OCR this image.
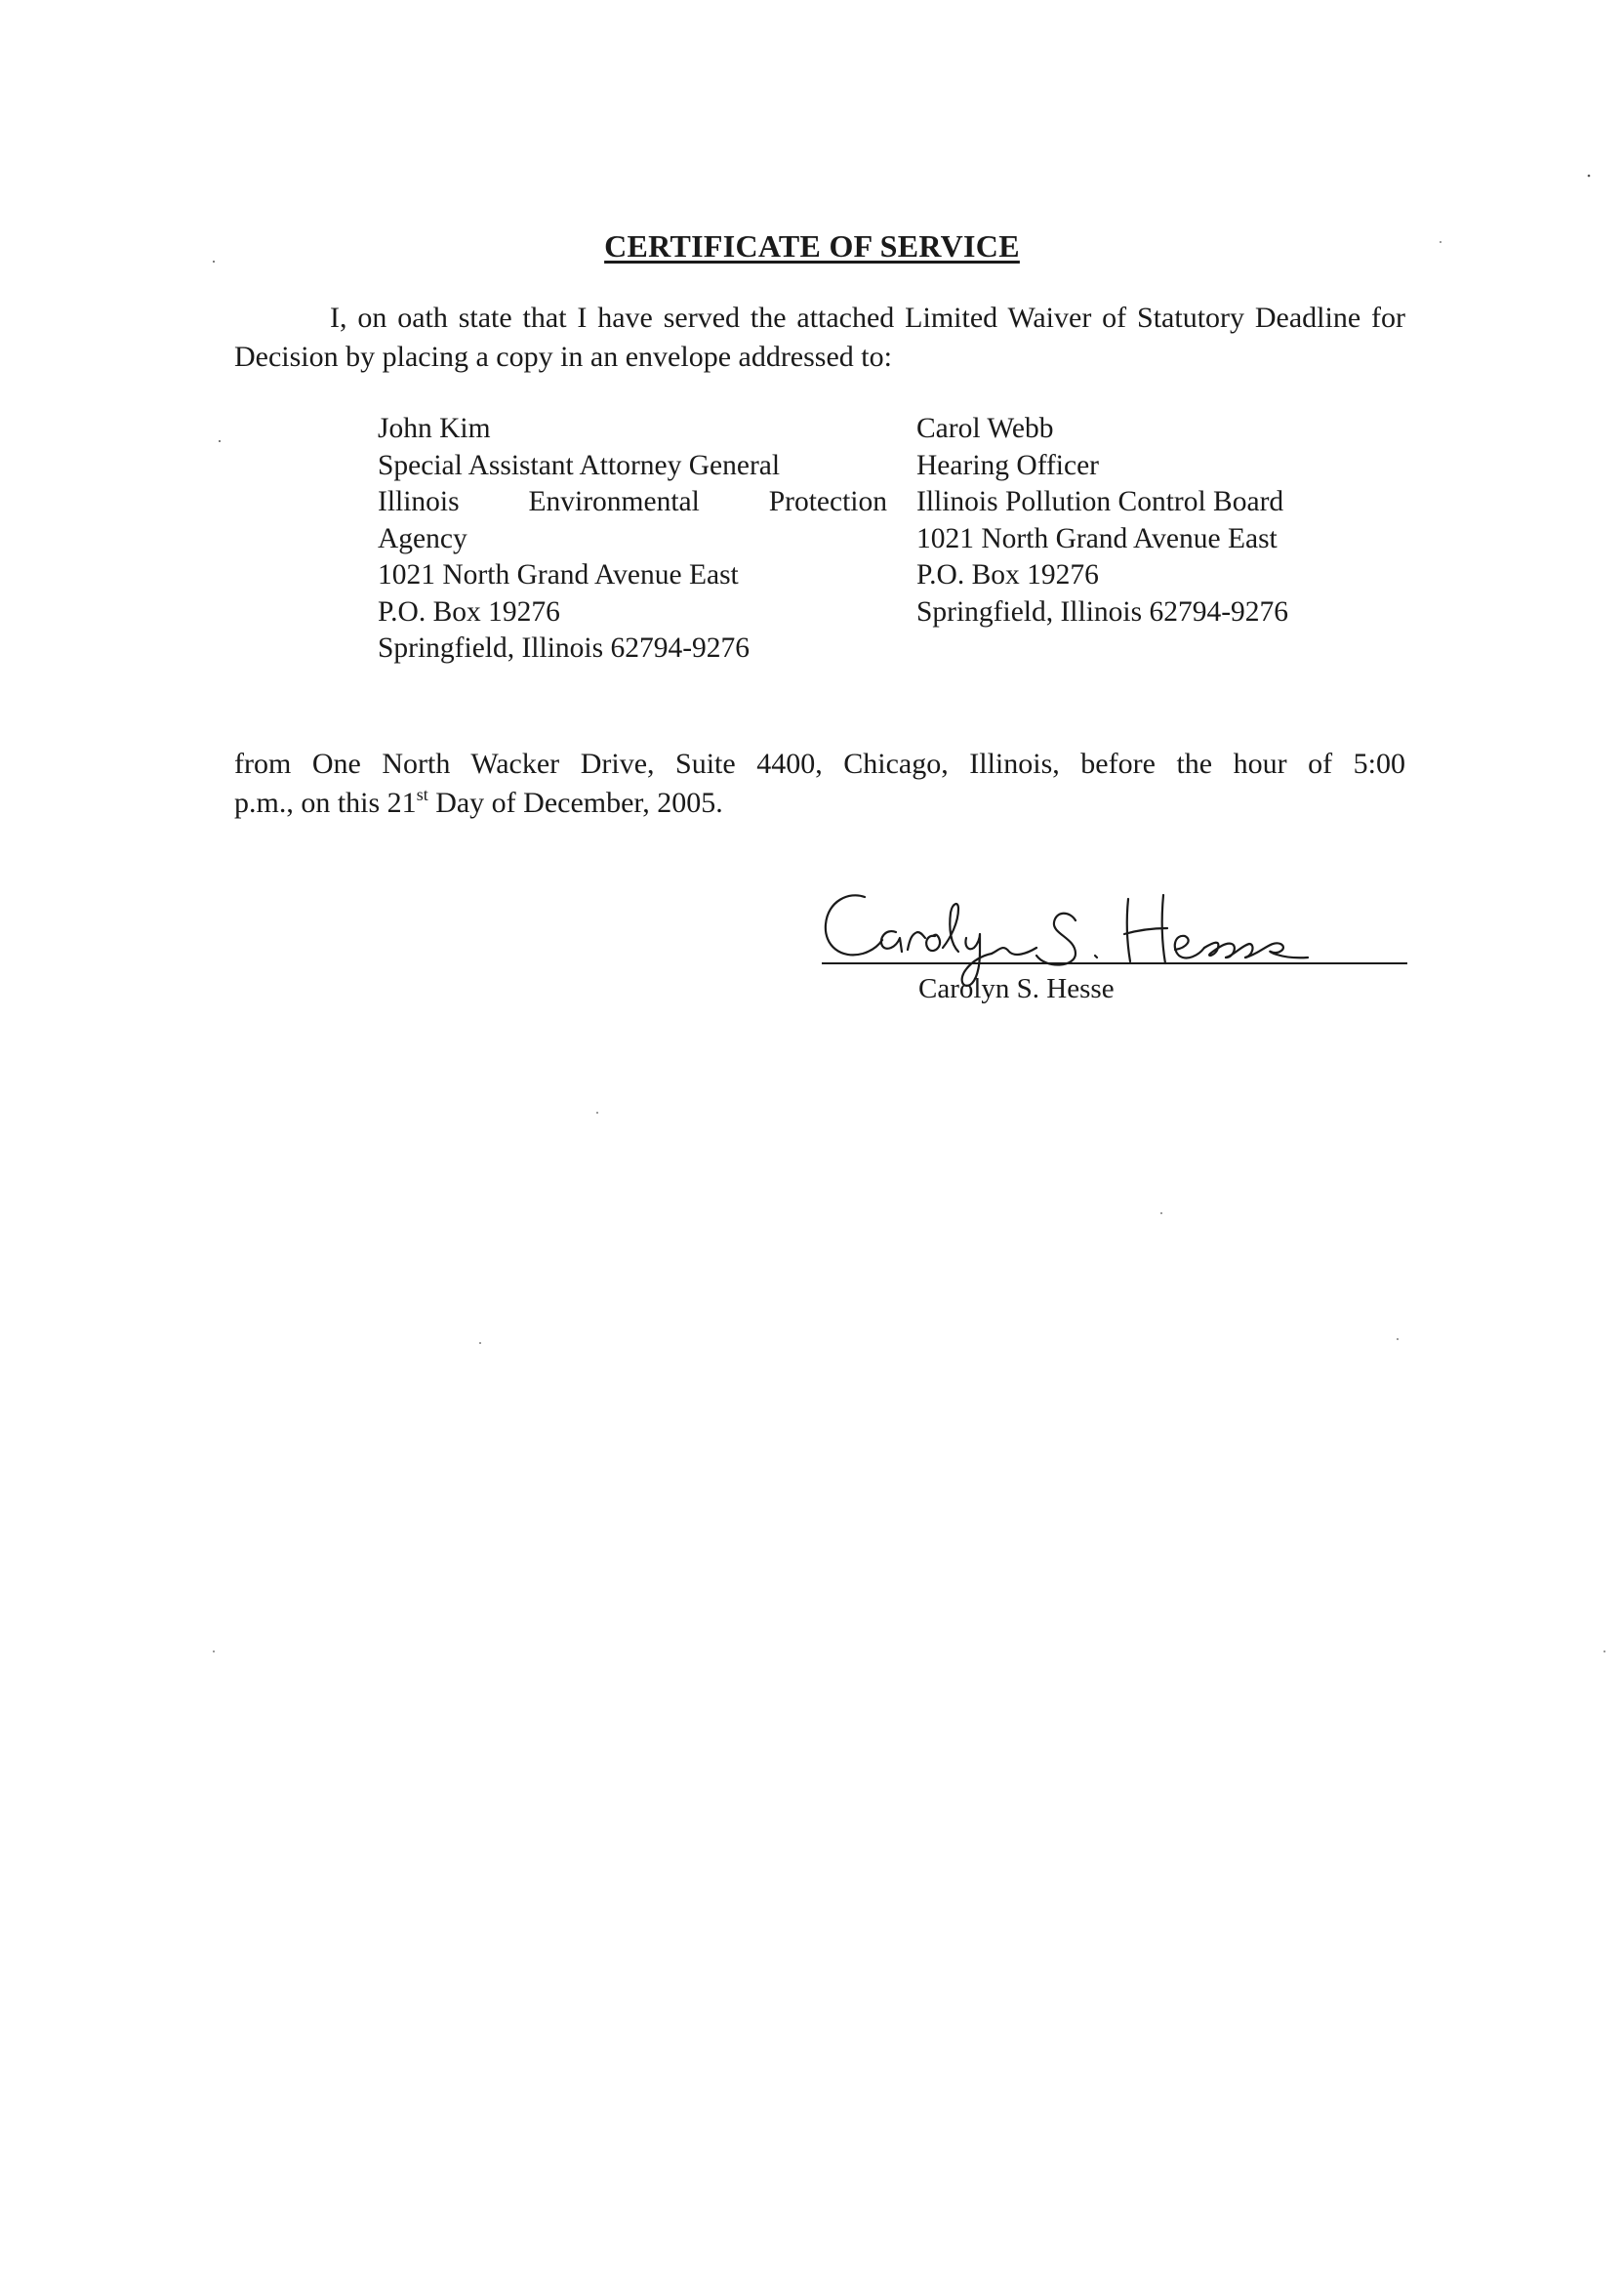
CERTIFICATE OF SERVICE
I, on oath state that I have served the attached Limited Waiver of Statutory Deadline for Decision by placing a copy in an envelope addressed to:
John Kim
Special Assistant Attorney General
Illinois Environmental Protection
Agency
1021 North Grand Avenue East
P.O. Box 19276
Springfield, Illinois 62794-9276
Carol Webb
Hearing Officer
Illinois Pollution Control Board
1021 North Grand Avenue East
P.O. Box 19276
Springfield, Illinois 62794-9276
from One North Wacker Drive, Suite 4400, Chicago, Illinois, before the hour of 5:00
p.m., on this 21st Day of December, 2005.
Carolyn S. Hesse
